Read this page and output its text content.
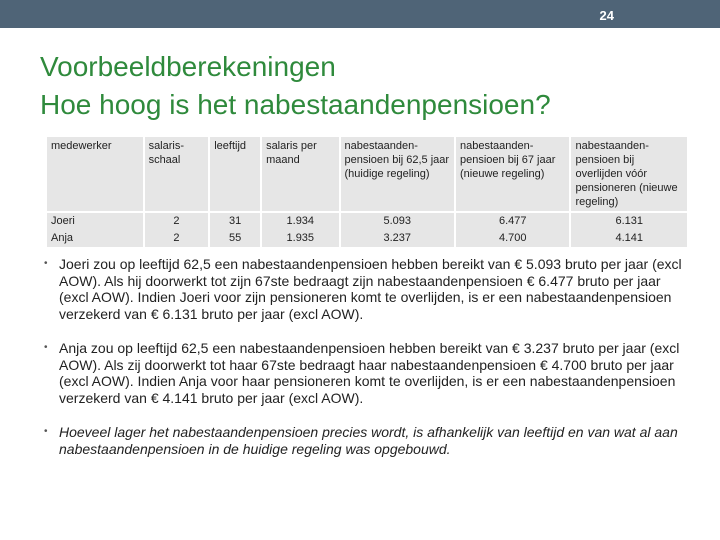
24
Voorbeeldberekeningen
Hoe hoog is het nabestaandenpensioen?
medewerker	salaris-schaal	leeftijd	salaris per maand	nabestaanden-pensioen bij 62,5 jaar (huidige regeling)	nabestaanden-pensioen bij 67 jaar (nieuwe regeling)	nabestaanden-pensioen bij overlijden vóór pensioneren (nieuwe regeling)
Joeri	2	31	1.934	5.093	6.477	6.131
Anja	2	55	1.935	3.237	4.700	4.141
• Joeri zou op leeftijd 62,5 een nabestaandenpensioen hebben bereikt van € 5.093 bruto per jaar (excl AOW). Als hij doorwerkt tot zijn 67ste bedraagt zijn nabestaandenpensioen € 6.477 bruto per jaar (excl AOW). Indien Joeri voor zijn pensioneren komt te overlijden, is er een nabestaandenpensioen verzekerd van € 6.131 bruto per jaar (excl AOW).
• Anja zou op leeftijd 62,5 een nabestaandenpensioen hebben bereikt van € 3.237 bruto per jaar (excl AOW). Als zij doorwerkt tot haar 67ste bedraagt haar nabestaandenpensioen € 4.700 bruto per jaar (excl AOW). Indien Anja voor haar pensioneren komt te overlijden, is er een nabestaandenpensioen verzekerd van € 4.141 bruto per jaar (excl AOW).
• Hoeveel lager het nabestaandenpensioen precies wordt, is afhankelijk van leeftijd en van wat al aan nabestaandenpensioen in de huidige regeling was opgebouwd.
